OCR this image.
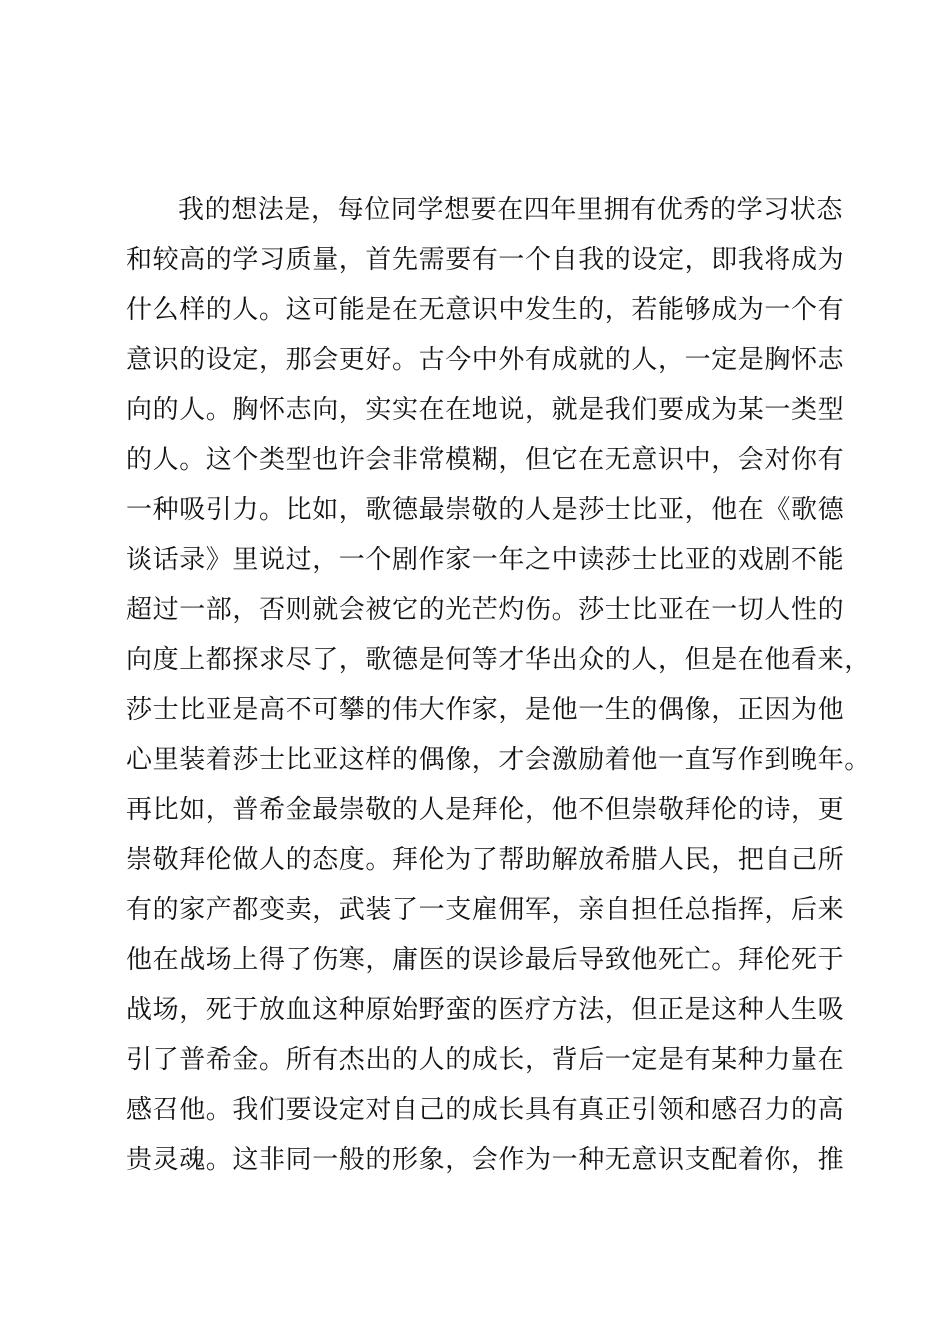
我的想法是，每位同学想要在四年里拥有优秀的学习状态
和较高的学习质量，首先需要有一个自我的设定，即我将成为
什么样的人。这可能是在无意识中发生的，若能够成为一个有
意识的设定，那会更好。古今中外有成就的人，一定是胸怀志
向的人。胸怀志向，实实在在地说，就是我们要成为某一类型
的人。这个类型也许会非常模糊，但它在无意识中，会对你有
一种吸引力。比如，歌德最崇敬的人是莎士比亚，他在《歌德
谈话录》里说过，一个剧作家一年之中读莎士比亚的戏剧不能
超过一部，否则就会被它的光芒灼伤。莎士比亚在一切人性的
向度上都探求尽了，歌德是何等才华出众的人，但是在他看来，
莎士比亚是高不可攀的伟大作家，是他一生的偶像，正因为他
心里装着莎士比亚这样的偶像，才会激励着他一直写作到晚年。
再比如，普希金最崇敬的人是拜伦，他不但崇敬拜伦的诗，更
崇敬拜伦做人的态度。拜伦为了帮助解放希腊人民，把自己所
有的家产都变卖，武装了一支雇佣军，亲自担任总指挥，后来
他在战场上得了伤寒，庸医的误诊最后导致他死亡。拜伦死于
战场，死于放血这种原始野蛮的医疗方法，但正是这种人生吸
引了普希金。所有杰出的人的成长，背后一定是有某种力量在
感召他。我们要设定对自己的成长具有真正引领和感召力的高
贵灵魂。这非同一般的形象，会作为一种无意识支配着你，推
